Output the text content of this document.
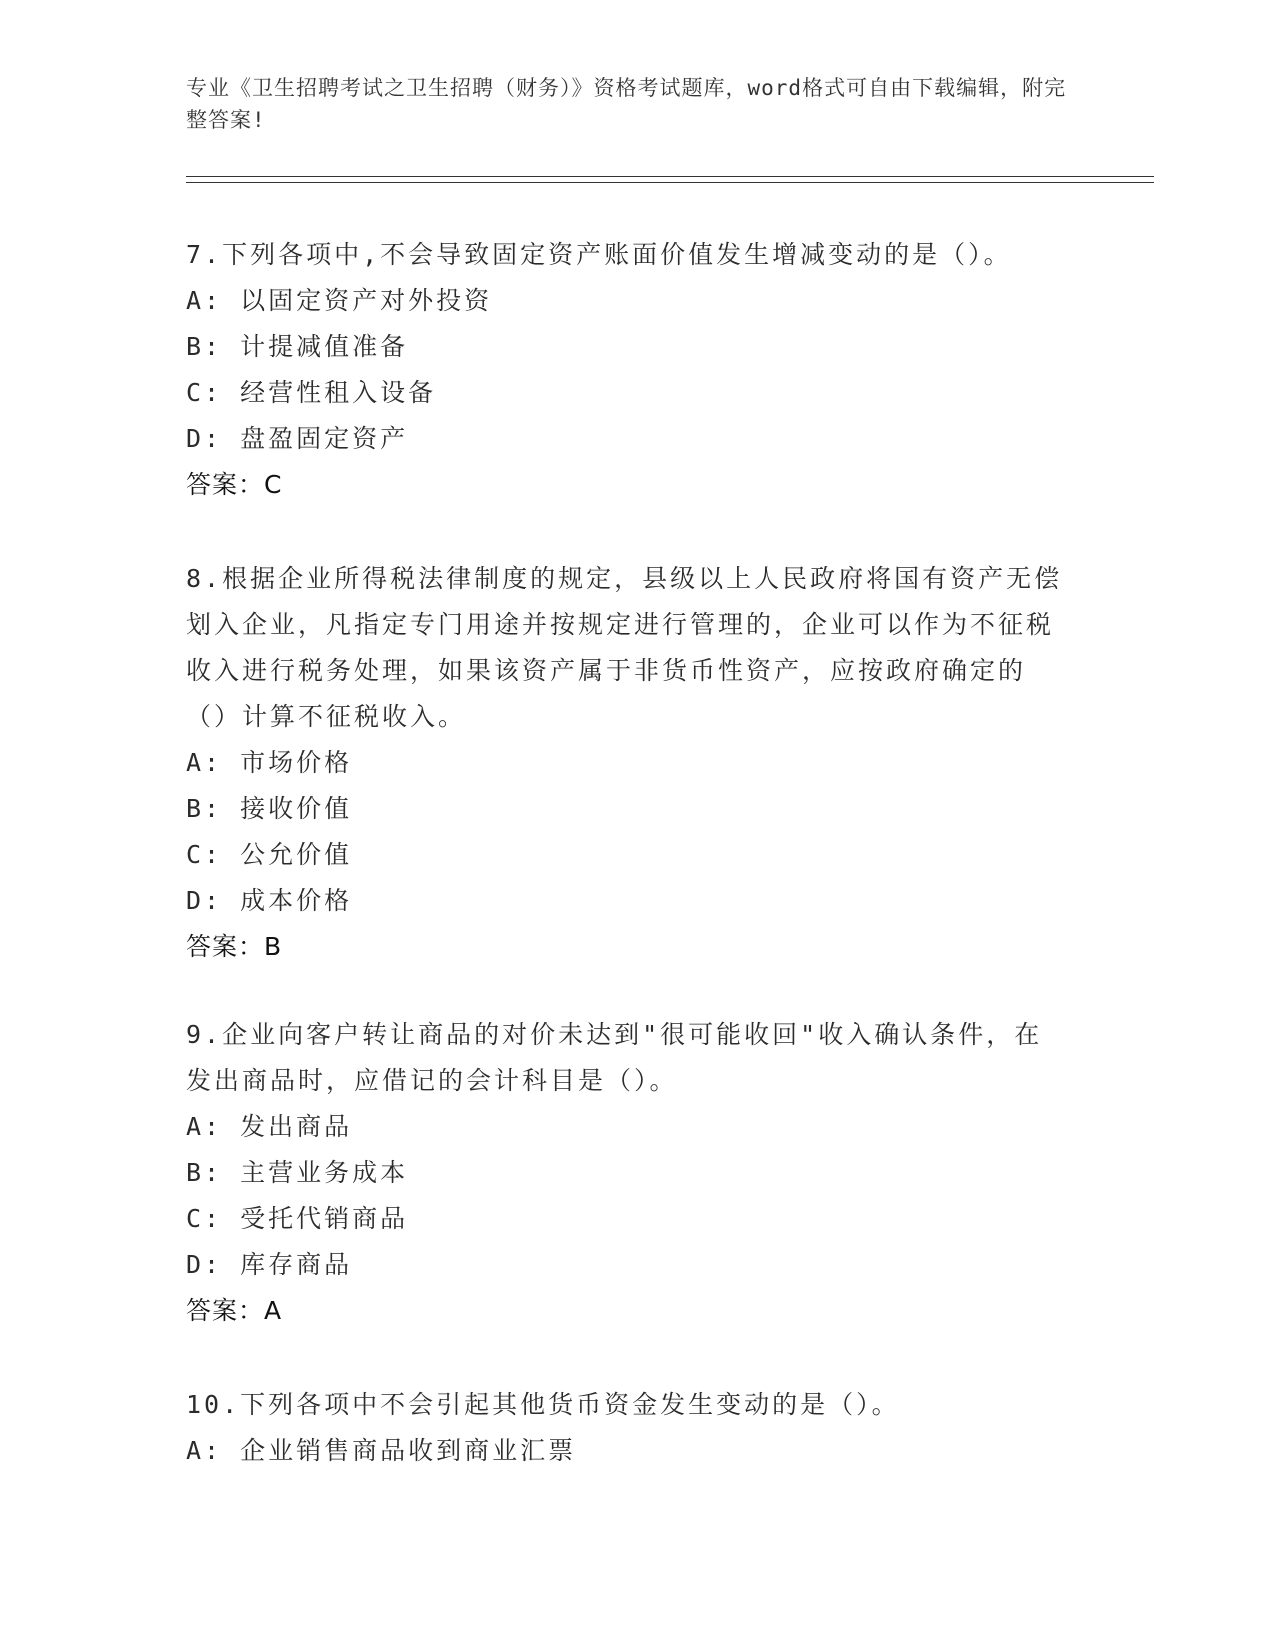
专业《卫生招聘考试之卫生招聘（财务）》资格考试题库，word格式可自由下载编辑，附完整答案!
7.下列各项中,不会导致固定资产账面价值发生增减变动的是（）。
A: 以固定资产对外投资
B: 计提减值准备
C: 经营性租入设备
D: 盘盈固定资产
答案：C
8.根据企业所得税法律制度的规定，县级以上人民政府将国有资产无偿划入企业，凡指定专门用途并按规定进行管理的，企业可以作为不征税收入进行税务处理，如果该资产属于非货币性资产，应按政府确定的（）计算不征税收入。
A: 市场价格
B: 接收价值
C: 公允价值
D: 成本价格
答案：B
9.企业向客户转让商品的对价未达到"很可能收回"收入确认条件，在发出商品时，应借记的会计科目是（）。
A: 发出商品
B: 主营业务成本
C: 受托代销商品
D: 库存商品
答案：A
10.下列各项中不会引起其他货币资金发生变动的是（）。
A: 企业销售商品收到商业汇票
